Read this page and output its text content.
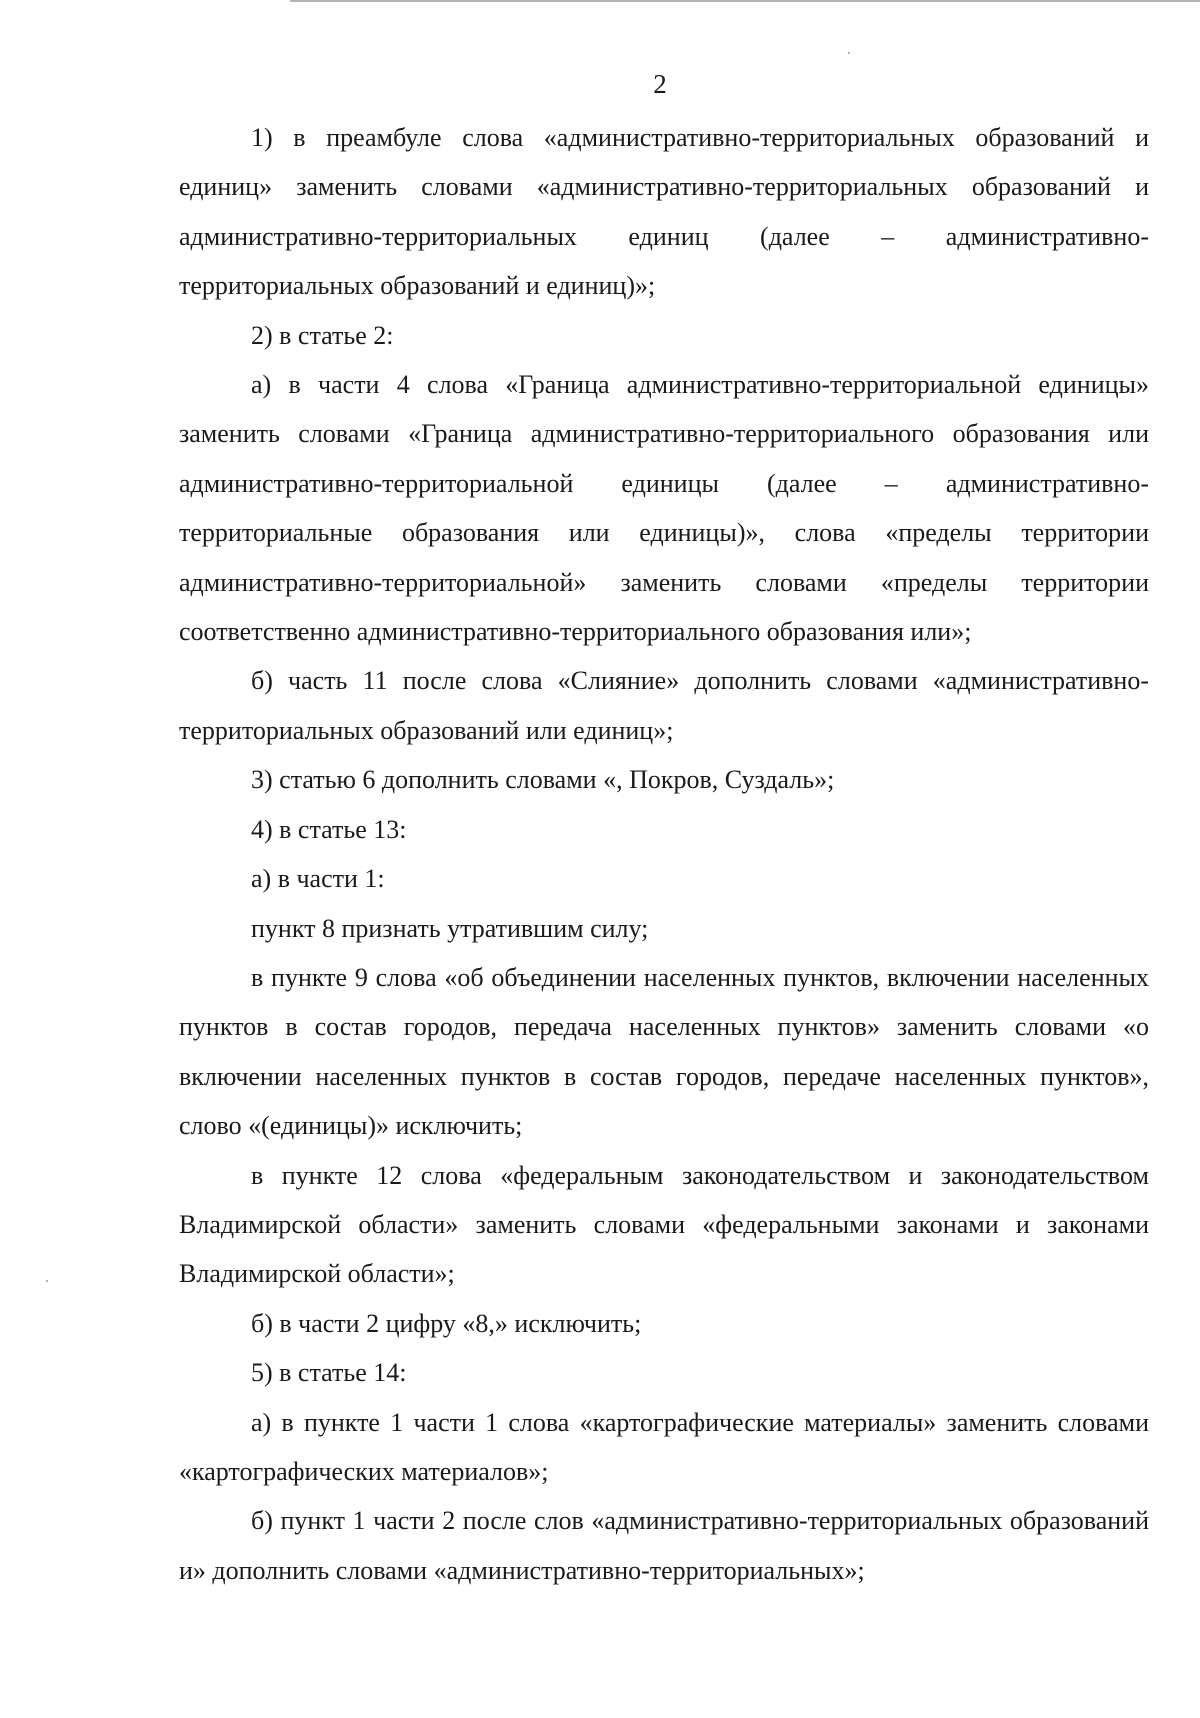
2

1) в преамбуле слова «административно-территориальных образований и единиц» заменить словами «административно-территориальных образований и административно-территориальных единиц (далее – административно-территориальных образований и единиц)»;

2) в статье 2:

а) в части 4 слова «Граница административно-территориальной единицы» заменить словами «Граница административно-территориального образования или административно-территориальной единицы (далее – административно-территориальные образования или единицы)», слова «пределы территории административно-территориальной» заменить словами «пределы территории соответственно административно-территориального образования или»;

б) часть 11 после слова «Слияние» дополнить словами «административно-территориальных образований или единиц»;

3) статью 6 дополнить словами «, Покров, Суздаль»;

4) в статье 13:

а) в части 1:

пункт 8 признать утратившим силу;

в пункте 9 слова «об объединении населенных пунктов, включении населенных пунктов в состав городов, передача населенных пунктов» заменить словами «о включении населенных пунктов в состав городов, передаче населенных пунктов», слово «(единицы)» исключить;

в пункте 12 слова «федеральным законодательством и законодательством Владимирской области» заменить словами «федеральными законами и законами Владимирской области»;

б) в части 2 цифру «8,» исключить;

5) в статье 14:

а) в пункте 1 части 1 слова «картографические материалы» заменить словами «картографических материалов»;

б) пункт 1 части 2 после слов «административно-территориальных образований и» дополнить словами «административно-территориальных»;
